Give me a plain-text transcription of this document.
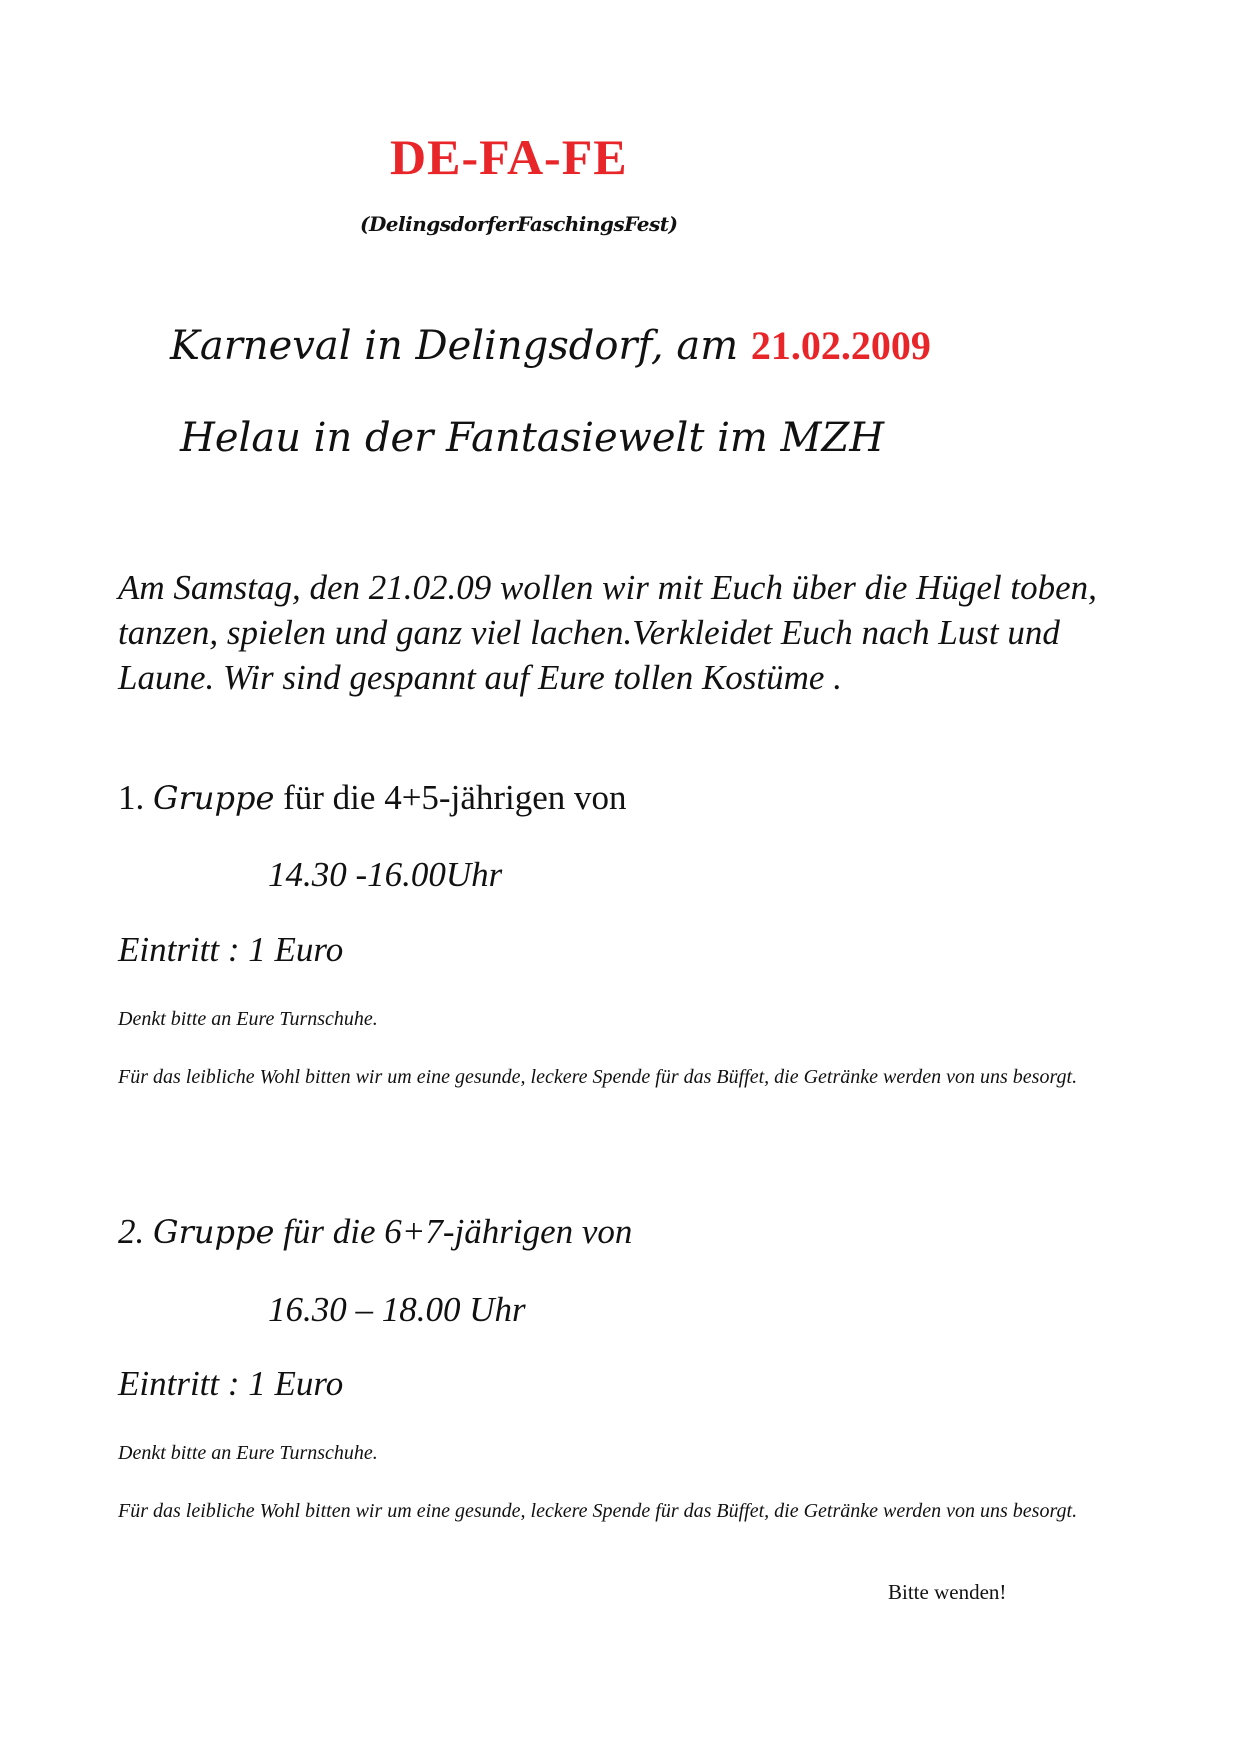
DE-FA-FE
(DelingsdorferFaschingsFest)
Karneval in Delingsdorf, am 21.02.2009
Helau in der Fantasiewelt im MZH
Am Samstag, den 21.02.09 wollen wir mit Euch über die Hügel toben, tanzen, spielen und ganz viel lachen.Verkleidet Euch nach Lust und Laune. Wir sind gespannt auf Eure tollen Kostüme .
1. Gruppe für die 4+5-jährigen von
14.30 -16.00Uhr
Eintritt : 1 Euro
Denkt bitte an Eure Turnschuhe.
Für das leibliche Wohl bitten wir um eine gesunde, leckere Spende für das Büffet, die Getränke werden von uns besorgt.
2. Gruppe für die 6+7-jährigen von
16.30 – 18.00 Uhr
Eintritt : 1 Euro
Denkt bitte an Eure Turnschuhe.
Für das leibliche Wohl bitten wir um eine gesunde, leckere Spende für das Büffet, die Getränke werden von uns besorgt.
Bitte wenden!
